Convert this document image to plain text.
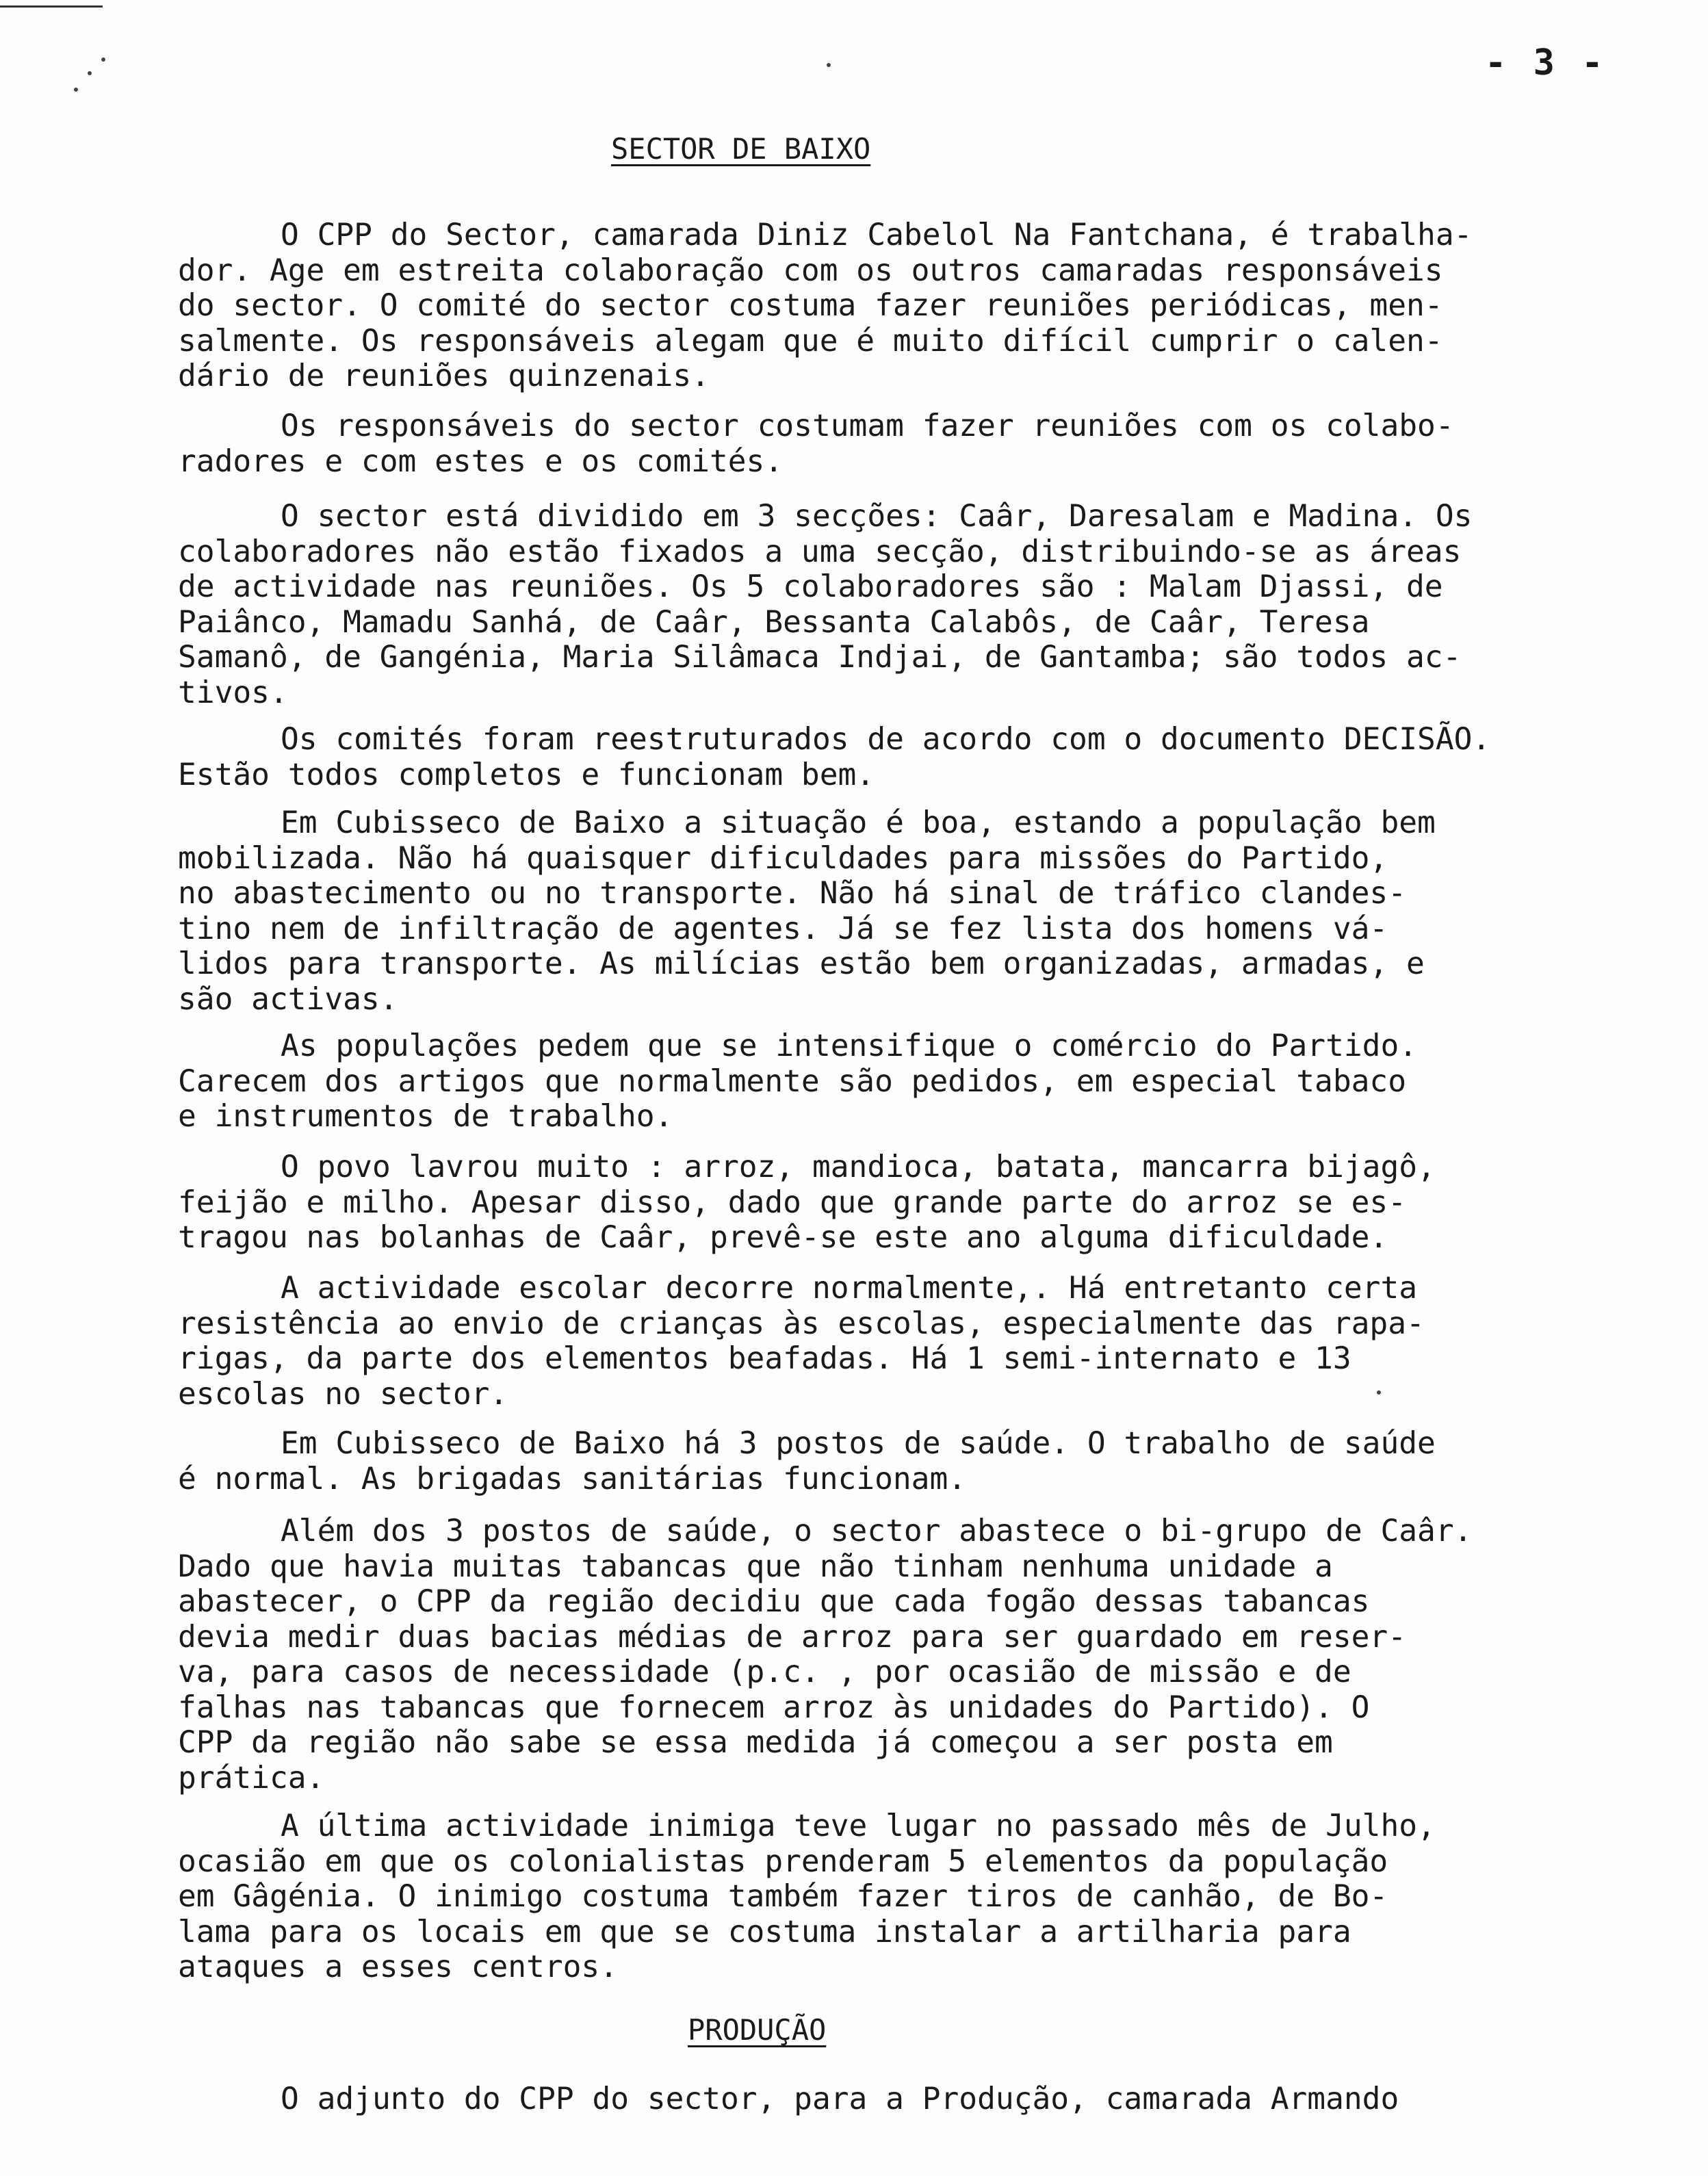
- 3 -
SECTOR DE BAIXO
O CPP do Sector, camarada Diniz Cabelol Na Fantchana, é trabalha-
dor. Age em estreita colaboração com os outros camaradas responsáveis
do sector. O comité do sector costuma fazer reuniões periódicas, men-
salmente. Os responsáveis alegam que é muito difícil cumprir o calen-
dário de reuniões quinzenais.
Os responsáveis do sector costumam fazer reuniões com os colabo-
radores e com estes e os comités.
O sector está dividido em 3 secções: Caâr, Daresalam e Madina. Os
colaboradores não estão fixados a uma secção, distribuindo-se as áreas
de actividade nas reuniões. Os 5 colaboradores são : Malam Djassi, de
Paiânco, Mamadu Sanhá, de Caâr, Bessanta Calabôs, de Caâr, Teresa
Samanô, de Gangénia, Maria Silâmaca Indjai, de Gantamba; são todos ac-
tivos.
Os comités foram reestruturados de acordo com o documento DECISÃO.
Estão todos completos e funcionam bem.
Em Cubisseco de Baixo a situação é boa, estando a população bem
mobilizada. Não há quaisquer dificuldades para missões do Partido,
no abastecimento ou no transporte. Não há sinal de tráfico clandes-
tino nem de infiltração de agentes. Já se fez lista dos homens vá-
lidos para transporte. As milícias estão bem organizadas, armadas, e
são activas.
As populações pedem que se intensifique o comércio do Partido.
Carecem dos artigos que normalmente são pedidos, em especial tabaco
e instrumentos de trabalho.
O povo lavrou muito : arroz, mandioca, batata, mancarra bijagô,
feijão e milho. Apesar disso, dado que grande parte do arroz se es-
tragou nas bolanhas de Caâr, prevê-se este ano alguma dificuldade.
A actividade escolar decorre normalmente,. Há entretanto certa
resistência ao envio de crianças às escolas, especialmente das rapa-
rigas, da parte dos elementos beafadas. Há 1 semi-internato e 13
escolas no sector.
Em Cubisseco de Baixo há 3 postos de saúde. O trabalho de saúde
é normal. As brigadas sanitárias funcionam.
Além dos 3 postos de saúde, o sector abastece o bi-grupo de Caâr.
Dado que havia muitas tabancas que não tinham nenhuma unidade a
abastecer, o CPP da região decidiu que cada fogão dessas tabancas
devia medir duas bacias médias de arroz para ser guardado em reser-
va, para casos de necessidade (p.c. , por ocasião de missão e de
falhas nas tabancas que fornecem arroz às unidades do Partido). O
CPP da região não sabe se essa medida já começou a ser posta em
prática.
A última actividade inimiga teve lugar no passado mês de Julho,
ocasião em que os colonialistas prenderam 5 elementos da população
em Gâgénia. O inimigo costuma também fazer tiros de canhão, de Bo-
lama para os locais em que se costuma instalar a artilharia para
ataques a esses centros.
PRODUÇÃO
O adjunto do CPP do sector, para a Produção, camarada Armando
